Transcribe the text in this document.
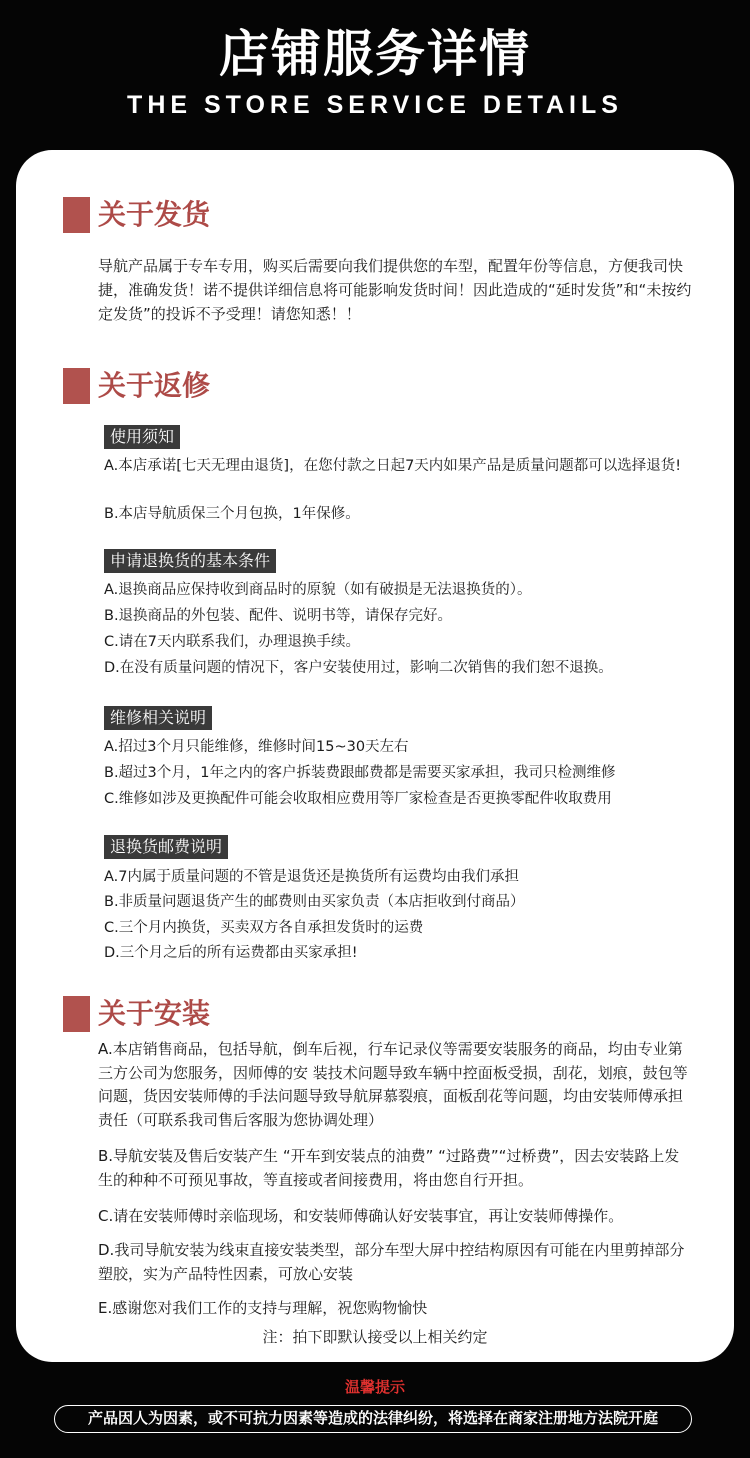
店铺服务详情
THE STORE SERVICE DETAILS
关于发货

导航产品属于专车专用，购买后需要向我们提供您的车型，配置年份等信息，方便我司快捷，准确发货！诺不提供详细信息将可能影响发货时间！因此造成的“延时发货”和“未按约定发货”的投诉不予受理！请您知悉！！

关于返修
使用须知
A.本店承诺[七天无理由退货]，在您付款之日起7天内如果产品是质量问题都可以选择退货!
B.本店导航质保三个月包换，1年保修。
申请退换货的基本条件
A.退换商品应保持收到商品时的原貌（如有破损是无法退换货的）。
B.退换商品的外包装、配件、说明书等，请保存完好。
C.请在7天内联系我们，办理退换手续。
D.在没有质量问题的情况下，客户安装使用过，影响二次销售的我们恕不退换。
维修相关说明
A.招过3个月只能维修，维修时间15~30天左右
B.超过3个月，1年之内的客户拆装费跟邮费都是需要买家承担，我司只检测维修
C.维修如涉及更换配件可能会收取相应费用等厂家检查是否更换零配件收取费用
退换货邮费说明
A.7内属于质量问题的不管是退货还是换货所有运费均由我们承担
B.非质量问题退货产生的邮费则由买家负责（本店拒收到付商品）
C.三个月内换货，买卖双方各自承担发货时的运费
D.三个月之后的所有运费都由买家承担!
关于安装
A.本店销售商品，包括导航，倒车后视，行车记录仪等需要安装服务的商品，均由专业第三方公司为您服务，因师傅的安 装技术问题导致车辆中控面板受损，刮花，划痕，鼓包等问题，货因安装师傅的手法问题导致导航屏慕裂痕，面板刮花等问题，均由安装师傅承担责任（可联系我司售后客服为您协调处理）
B.导航安装及售后安装产生 “开车到安装点的油费” “过路费”“过桥费”，因去安装路上发生的种种不可预见事故，等直接或者间接费用，将由您自行开担。
C.请在安装师傅时亲临现场，和安装师傅确认好安装事宜，再让安装师傅操作。
D.我司导航安装为线束直接安装类型，部分车型大屏中控结构原因有可能在内里剪掉部分塑胶，实为产品特性因素，可放心安装
E.感谢您对我们工作的支持与理解，祝您购物愉快
注：拍下即默认接受以上相关约定
温馨提示
产品因人为因素，或不可抗力因素等造成的法律纠纷，将选择在商家注册地方法院开庭
